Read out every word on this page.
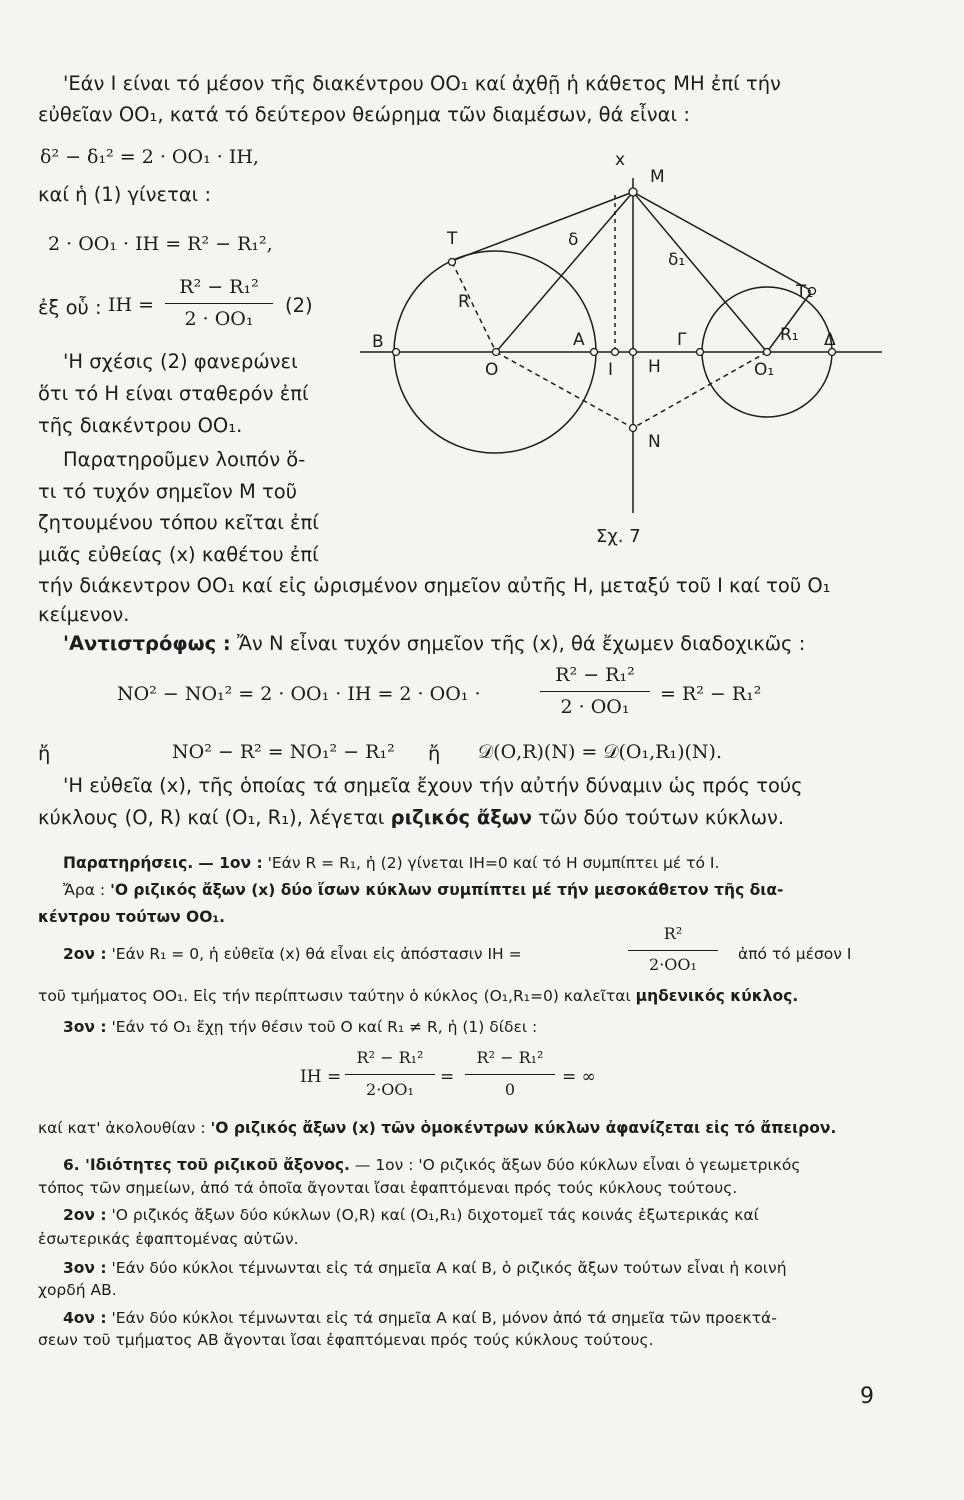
'Εάν Ι είναι τό μέσον τῆς διακέντρου ΟΟ₁ καί ἀχθῇ ἡ κάθετος ΜΗ ἐπί τήν
εὐθεῖαν ΟΟ₁, κατά τό δεύτερον θεώρημα τῶν διαμέσων, θά εἶναι :
δ² − δ₁² = 2 · ΟΟ₁ · ΙΗ,
καί ἡ (1) γίνεται :
2 · ΟΟ₁ · ΙΗ = R² − R₁²,
ἐξ οὗ : ΙΗ =
R² − R₁²
2 · ΟΟ₁
(2)
'Η σχέσις (2) φανερώνει
ὅτι τό Η είναι σταθερόν ἐπί
τῆς διακέντρου ΟΟ₁.
Παρατηροῦμεν λοιπόν ὅ-
τι τό τυχόν σημεῖον Μ τοῦ
ζητουμένου τόπου κεῖται ἐπί
μιᾶς εὐθείας (x) καθέτου ἐπί
τήν διάκεντρον ΟΟ₁ καί εἰς ὡρισμένον σημεῖον αὐτῆς Η, μεταξύ τοῦ Ι καί τοῦ Ο₁
κείμενον.
x
M
T	δ
δ₁
T₁
R
R₁
B	A	Γ	Δ
O	I H	O₁
N
Σχ. 7
'Αντιστρόφως : Ἄν Ν εἶναι τυχόν σημεῖον τῆς (x), θά ἔχωμεν διαδοχικῶς :
ΝΟ² − ΝΟ₁² = 2 · ΟΟ₁ · ΙΗ = 2 · ΟΟ₁ ·
R² − R₁²
2 · ΟΟ₁
= R² − R₁²
ἤ	ΝΟ² − R² = ΝΟ₁² − R₁² ἤ 𝒟(Ο,R)(Ν) = 𝒟(Ο₁,R₁)(Ν).
'Η εὐθεῖα (x), τῆς ὁποίας τά σημεῖα ἔχουν τήν αὐτήν δύναμιν ὡς πρός τούς
κύκλους (Ο, R) καί (Ο₁, R₁), λέγεται ριζικός ἄξων τῶν δύο τούτων κύκλων.
Παρατηρήσεις. — 1ον : 'Εάν R = R₁, ἡ (2) γίνεται ΙΗ=0 καί τό Η συμπίπτει μέ τό Ι.
Ἄρα : 'Ο ριζικός ἄξων (x) δύο ἴσων κύκλων συμπίπτει μέ τήν μεσοκάθετον τῆς δια-
κέντρου τούτων ΟΟ₁.
2ον : 'Εάν R₁ = 0, ἡ εὐθεῖα (x) θά εἶναι εἰς ἀπόστασιν ΙΗ =
R²
2·ΟΟ₁
ἀπό τό μέσον Ι
τοῦ τμήματος ΟΟ₁. Εἰς τήν περίπτωσιν ταύτην ὁ κύκλος (Ο₁,R₁=0) καλεῖται μηδενικός κύκλος.
3ον : 'Εάν τό Ο₁ ἔχῃ τήν θέσιν τοῦ Ο καί R₁ ≠ R, ἡ (1) δίδει :
ΙΗ =
R² − R₁²
2·ΟΟ₁
=
R² − R₁²
0
= ∞
καί κατ' ἀκολουθίαν : 'Ο ριζικός ἄξων (x) τῶν ὁμοκέντρων κύκλων ἀφανίζεται εἰς τό ἄπειρον.
6. 'Ιδιότητες τοῦ ριζικοῦ ἄξονος. — 1ον : 'Ο ριζικός ἄξων δύο κύκλων εἶναι ὁ γεωμετρικός
τόπος τῶν σημείων, ἀπό τά ὁποῖα ἄγονται ἴσαι ἐφαπτόμεναι πρός τούς κύκλους τούτους.
2ον : 'Ο ριζικός ἄξων δύο κύκλων (Ο,R) καί (Ο₁,R₁) διχοτομεῖ τάς κοινάς ἐξωτερικάς καί
ἐσωτερικάς ἐφαπτομένας αὐτῶν.
3ον : 'Εάν δύο κύκλοι τέμνωνται εἰς τά σημεῖα Α καί Β, ὁ ριζικός ἄξων τούτων εἶναι ἡ κοινή
χορδή ΑΒ.
4ον : 'Εάν δύο κύκλοι τέμνωνται εἰς τά σημεῖα Α καί Β, μόνον ἀπό τά σημεῖα τῶν προεκτά-
σεων τοῦ τμήματος ΑΒ ἄγονται ἴσαι ἐφαπτόμεναι πρός τούς κύκλους τούτους.
9
